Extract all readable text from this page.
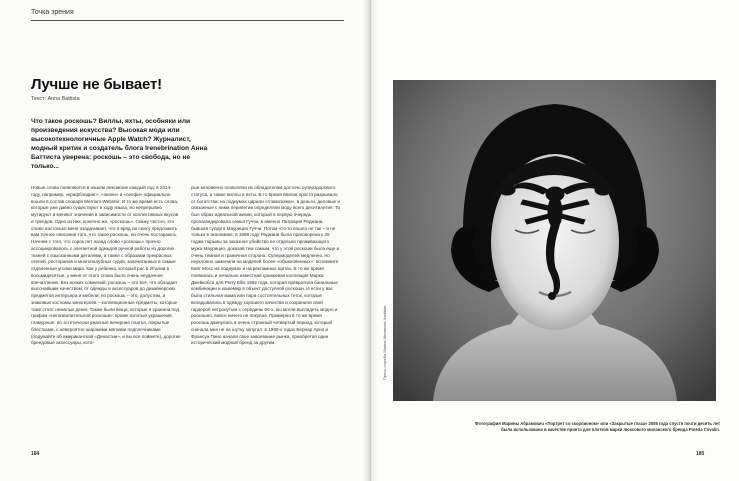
Точка зрения
Лучше не бывает!
Текст: Anna Battista
Что такое роскошь? Виллы, яхты, особняки или произведения искусства? Высокая мода или высокотехнологичные Apple Watch? Журналист, модный критик и создатель блога Irenebrination Анна Баттиста уверена: роскошь – это свобода, но не только...
Новые слова появляются в нашем лексиконе каждый год: в 2014-году, например, «крафбэндинг», «окапи» и «селфи» официально вошли в состав словаря Merriam-Webster. И то же время есть слова, которые уже давно существуют в ходу языка, но непрерывно мутируют и меняют значения в зависимости от коллективных вкусов и трендов. Одно из них, конечно же, «роскошь». Скажу честно, это слово настолько меня озадачивает, что я вряд ли смогу предложить вам точное описание того, что такое роскошь, но очень постараюсь. Начнем с того, что сорок лет назад слово «роскошь» прочно ассоциировалось с элегантной одеждой ручной работы из дорогих тканей с изысканными деталями, а также с образами прекрасных отелей, ресторанов и многопалубных судов, запечатанных в самые отдаленные уголки мира. Как у ребенка, который рос в Италии в восьмидесятые, у меня от этого слова было очень неудачное впечатление. Без всяких сомнений, роскошь – это всё, что обладает высочайшим качеством, от одежды и аксессуаров до дизайнерских предметов интерьера и мебели; но роскошь – это, допустим, и знаковые костюмы киногероев – коллекционные предметы, которые тоже стоят немалых денег. Также были вещи, которые я хранила под грифом «непозволительной роскоши»: кроме золотые украшения, гламурные, но эстетически ужасные вечерние платья, покрытые блестками, с невероятно широкими мягкими подплечниками (подумайте об американской «Династии», и вы все поймете), дорогие брендовые аксессуары, кото-
рые мгновенно позволяли их обладателям достичь суперздорового статуса, а также виллы и яхты. В то время Милан просто разрывало от богатства: на подиумах царили «гламазонки», в деньги, деловые и связанные с ними перипетии определяли моду всего десятилетия. То был образ идеальной жизни, который в первую очередь пропагандировала семья Гуччи, в именно Патриция Реджани, бывшая супруга Маурицио Гуччи. Потом что-то пошло не так – и не только в экономике: в 1998 году Реджани была приговорена к 26 годам тюрьмы за заказное убийство ее отдельно проживающего мужа Маурицио, доказав тем самым, что у этой роскоши была еще и очень темная и граничная сторона. Супермоделей медленно, но неуклонно заменили на моделей более «обыкновенных»: вспомните Кейт Мосс на подиумах и на рекламных щитах. В то же время появилась и печально известная гранжевая коллекция Марка Джейкобса для Perry Ellis 1992 года, которая превратила банальные комбинации и кашемир в объект доступной роскоши. И если у вас была стильная мама или пара состоятельных теток, которые вкладывались в одежду хорошего качества и сохранили свой гардероб нетронутым с середины 60-х, вы могли выглядеть модно и роскошно, вовсе ничего не покупая. Примерно в то же время роскошь двинулась в очень странный четвертый период, который сначала мне не на шутку запугал: в 1990-х годах Бернар Арно и Франсуа Пино начали свое завоевание рынка, приобретая один исторический модный бренд за другим.
184
Пресс-служба Marina Abramović Institute
Фотография Марины Абрамович «Портрет со скорпионом» или «Закрытые глаза» 2005 года спустя почти десять лет была использована в качестве принта для платков марки люксового миланского бренда Pineda Covalin.
185
